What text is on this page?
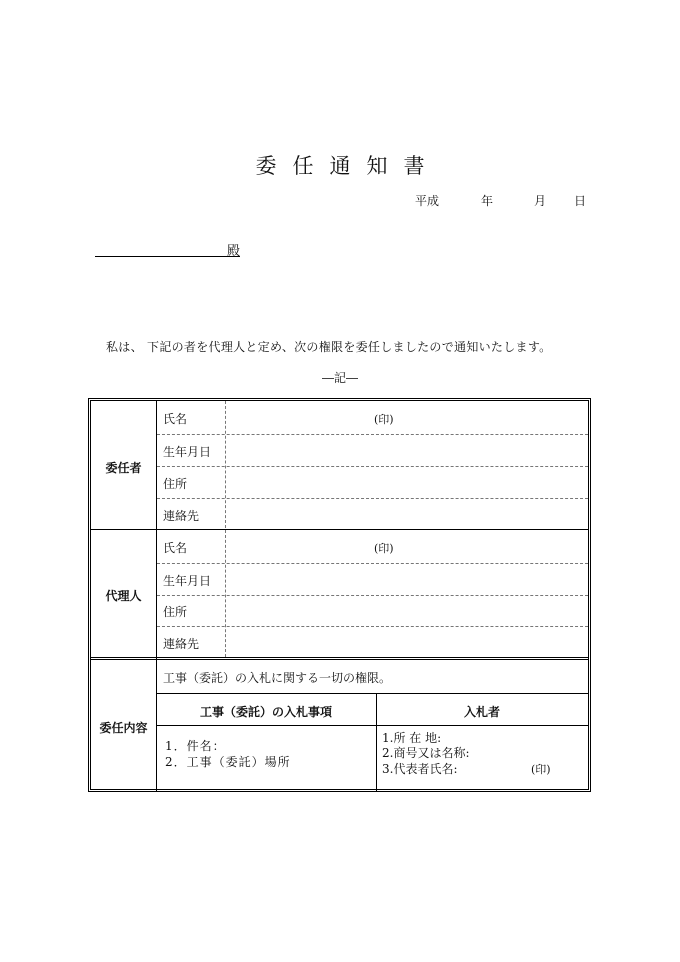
委任通知書
平成	年	月 日
殿
私は、 下記の者を代理人と定め、次の権限を委任しましたので通知いたします。
―記―
委任者
氏名	(印)
生年月日
住所
連絡先
代理人
氏名	(印)
生年月日
住所
連絡先
委任内容
工事（委託）の入札に関する一切の権限。
工事（委託）の入札事項	入札者
1．件名：
2．工事（委託）場所
1.所 在 地:
2.商号又は名称:
3.代表者氏名:	(印)
